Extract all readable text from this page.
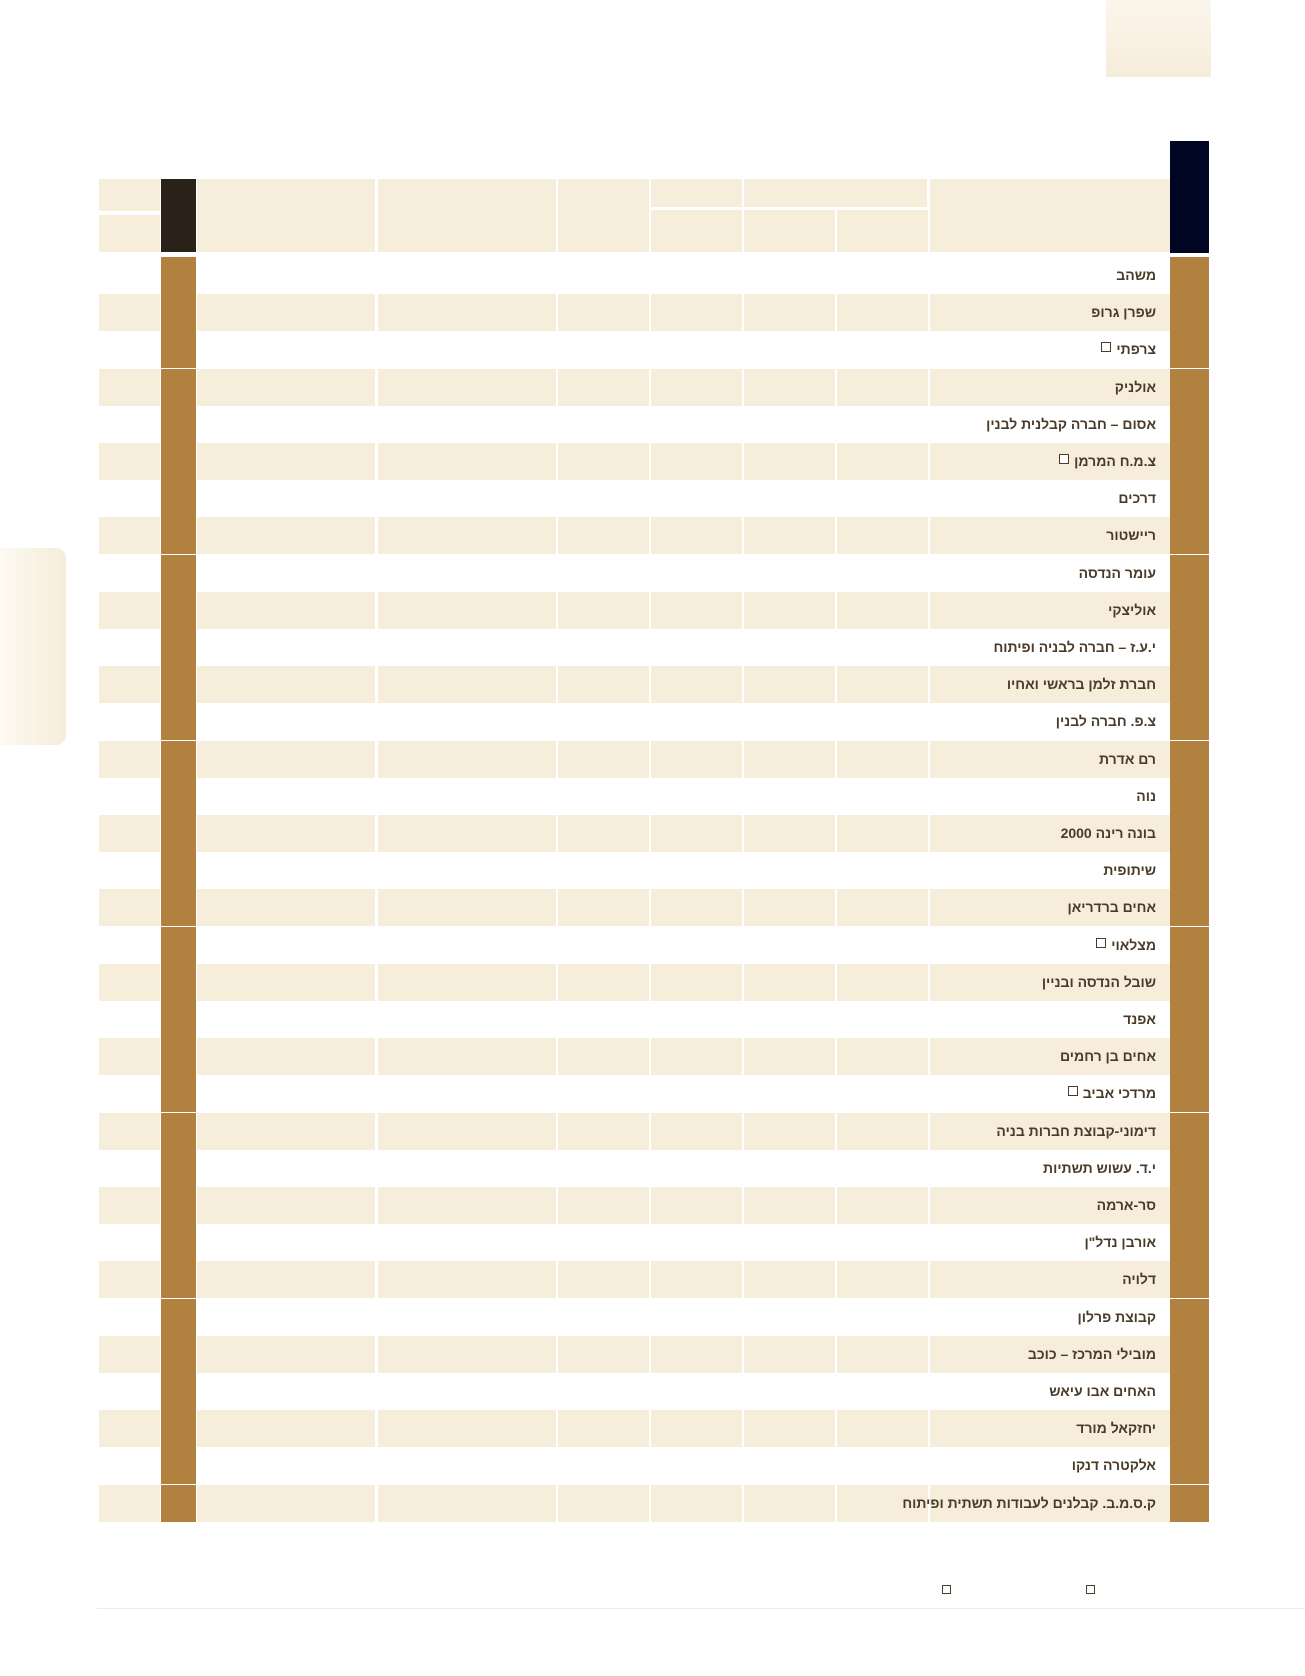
משהב
שפרן גרופ
צרפתי
אולניק
אסום – חברה קבלנית לבנין
צ.מ.ח המרמן
דרכים
ריישטור
עומר הנדסה
אוליצקי
י.ע.ז – חברה לבניה ופיתוח
חברת זלמן בראשי ואחיו
צ.פ. חברה לבנין
רם אדרת
נוה
בונה רינה 2000
שיתופית
אחים ברדריאן
מצלאוי
שובל הנדסה ובניין
אפנד
אחים בן רחמים
מרדכי אביב
דימוני-קבוצת חברות בניה
י.ד. עשוש תשתיות
סר-ארמה
אורבן נדל"ן
דלויה
קבוצת פרלון
מובילי המרכז – כוכב
האחים אבו עיאש
יחזקאל מורד
אלקטרה דנקו
ק.ס.מ.ב. קבלנים לעבודות תשתית ופיתוח
